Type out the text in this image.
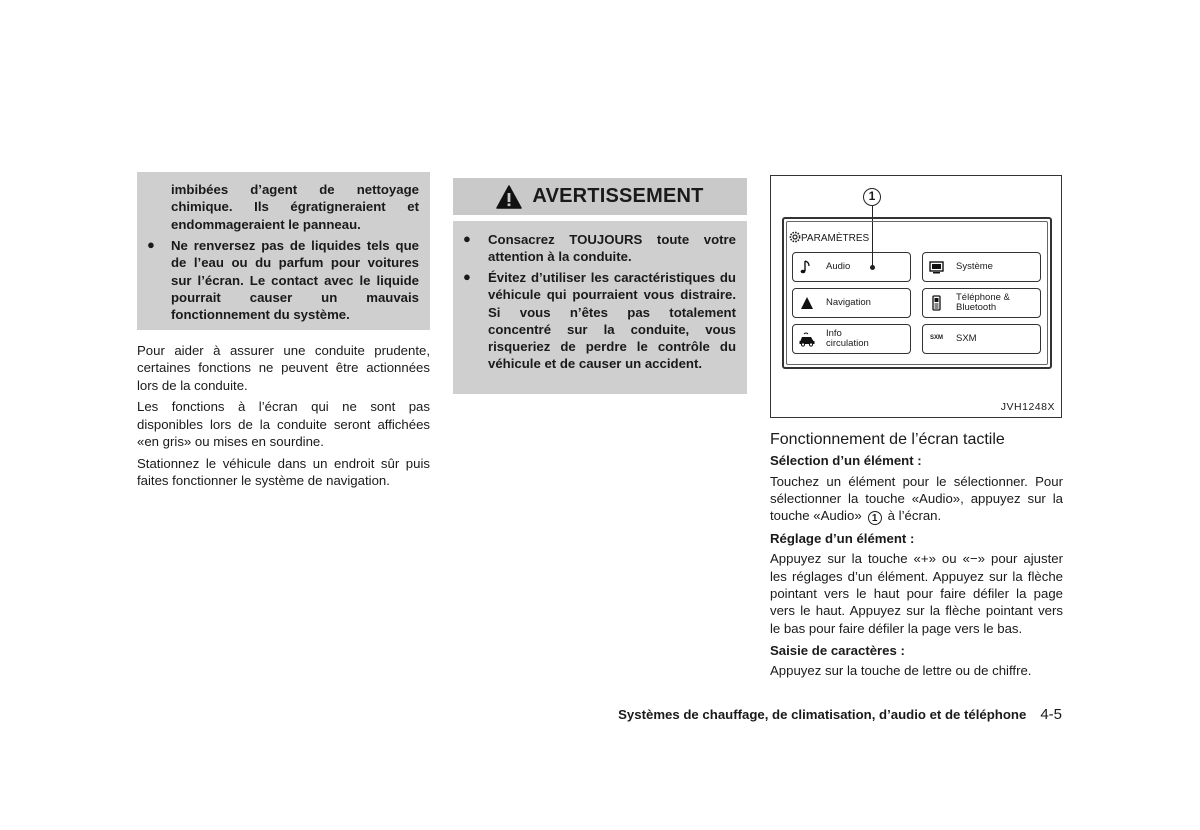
imbibées d’agent de nettoyage chimique. Ils égratigneraient et endommageraient le panneau.

●	Ne renversez pas de liquides tels que de l’eau ou du parfum pour voitures sur l’écran. Le contact avec le liquide pourrait causer un mauvais fonctionnement du système.

Pour aider à assurer une conduite prudente, certaines fonctions ne peuvent être actionnées lors de la conduite.

Les fonctions à l’écran qui ne sont pas disponibles lors de la conduite seront affichées «en gris» ou mises en sourdine.

Stationnez le véhicule dans un endroit sûr puis faites fonctionner le système de navigation.

AVERTISSEMENT
●	Consacrez TOUJOURS toute votre attention à la conduite.

●	Évitez d’utiliser les caractéristiques du véhicule qui pourraient vous distraire. Si vous n’êtes pas totalement concentré sur la conduite, vous risqueriez de perdre le contrôle du véhicule et de causer un accident.

1
PARAMÈTRES
Audio	Système
Navigation	Téléphone &
Bluetooth
Info
circulation	SXM	SXM
JVH1248X
Fonctionnement de l’écran tactile
Sélection d’un élément :

Touchez un élément pour le sélectionner. Pour sélectionner la touche «Audio», appuyez sur la touche «Audio» 1 à l’écran.

Réglage d’un élément :

Appuyez sur la touche «+» ou «−» pour ajuster les réglages d’un élément. Appuyez sur la flèche pointant vers le haut pour faire défiler la page vers le haut. Appuyez sur la flèche pointant vers le bas pour faire défiler la page vers le bas.

Saisie de caractères :

Appuyez sur la touche de lettre ou de chiffre.

Systèmes de chauffage, de climatisation, d’audio et de téléphone 4-5
